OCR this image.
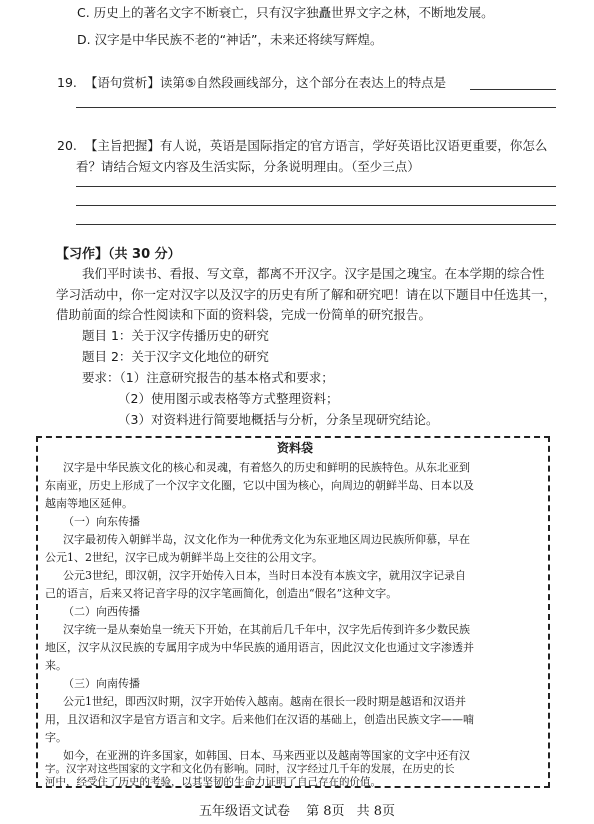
C. 历史上的著名文字不断衰亡，只有汉字独矗世界文字之林，不断地发展。
D. 汉字是中华民族不老的“神话”，未来还将续写辉煌。
19. 【语句赏析】读第⑤自然段画线部分，这个部分在表达上的特点是
20. 【主旨把握】有人说，英语是国际指定的官方语言，学好英语比汉语更重要，你怎么
看？请结合短文内容及生活实际，分条说明理由。（至少三点）
【习作】（共 30 分）
我们平时读书、看报、写文章，都离不开汉字。汉字是国之瑰宝。在本学期的综合性
学习活动中，你一定对汉字以及汉字的历史有所了解和研究吧！请在以下题目中任选其一，
借助前面的综合性阅读和下面的资料袋，完成一份简单的研究报告。
题目 1：关于汉字传播历史的研究
题目 2：关于汉字文化地位的研究
要求：（1）注意研究报告的基本格式和要求；
（2）使用图示或表格等方式整理资料；
（3）对资料进行简要地概括与分析，分条呈现研究结论。
资料袋
汉字是中华民族文化的核心和灵魂，有着悠久的历史和鲜明的民族特色。从东北亚到
东南亚，历史上形成了一个汉字文化圈，它以中国为核心，向周边的朝鲜半岛、日本以及
越南等地区延伸。
（一）向东传播
汉字最初传入朝鲜半岛，汉文化作为一种优秀文化为东亚地区周边民族所仰慕，早在
公元1、2世纪，汉字已成为朝鲜半岛上交往的公用文字。
公元3世纪，即汉朝，汉字开始传入日本，当时日本没有本族文字，就用汉字记录自
己的语言，后来又将记音字母的汉字笔画简化，创造出“假名”这种文字。
（二）向西传播
汉字统一是从秦始皇一统天下开始，在其前后几千年中，汉字先后传到许多少数民族
地区，汉字从汉民族的专属用字成为中华民族的通用语言，因此汉文化也通过文字渗透并
来。
（三）向南传播
公元1世纪，即西汉时期，汉字开始传入越南。越南在很长一段时期是越语和汉语并
用，且汉语和汉字是官方语言和文字。后来他们在汉语的基础上，创造出民族文字——喃
字。
如今，在亚洲的许多国家，如韩国、日本、马来西亚以及越南等国家的文字中还有汉
字。汉字对这些国家的文字和文化仍有影响。同时，汉字经过几千年的发展，在历史的长
河中，经受住了历史的考验，以其坚韧的生命力证明了自己存在的价值。
五年级语文试卷 第 8页 共 8页
